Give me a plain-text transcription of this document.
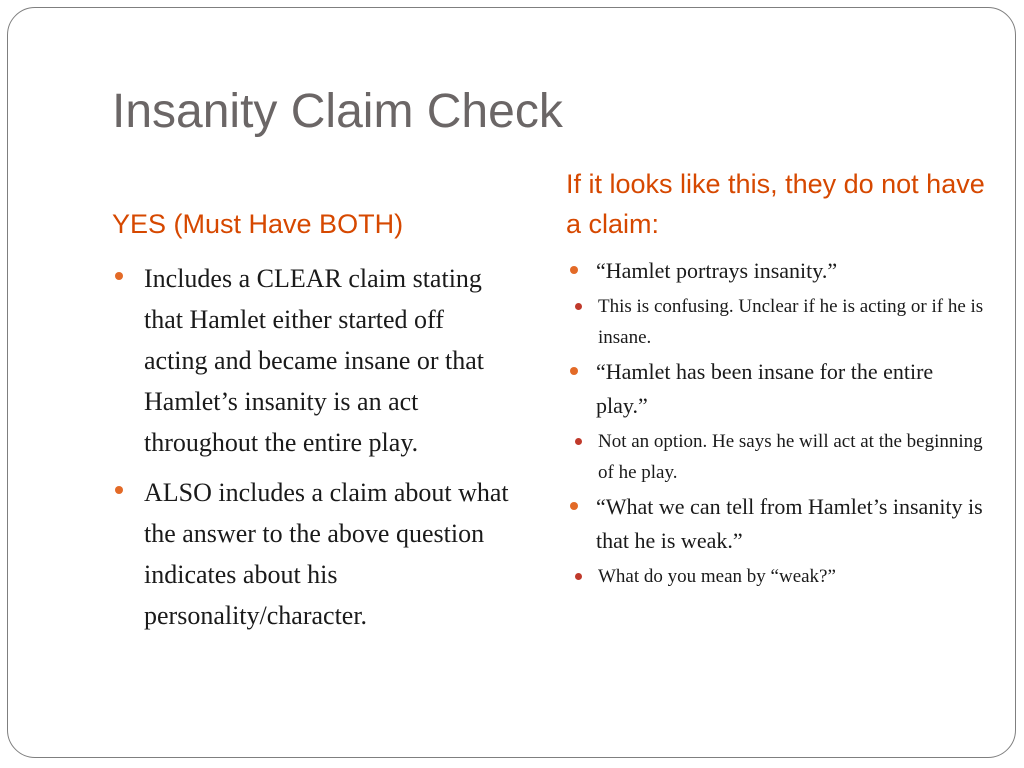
Insanity Claim Check
YES (Must Have BOTH)
If it looks like this, they do not have a claim:
Includes a CLEAR claim stating that Hamlet either started off acting and became insane or that Hamlet’s insanity is an act throughout the entire play.
ALSO includes a claim about what the answer to the above question indicates about his personality/character.
“Hamlet portrays insanity.”
This is confusing. Unclear if he is acting or if he is insane.
“Hamlet has been insane for the entire play.”
Not an option. He says he will act at the beginning of he play.
“What we can tell from Hamlet’s insanity is that he is weak.”
What do you mean by “weak?”
